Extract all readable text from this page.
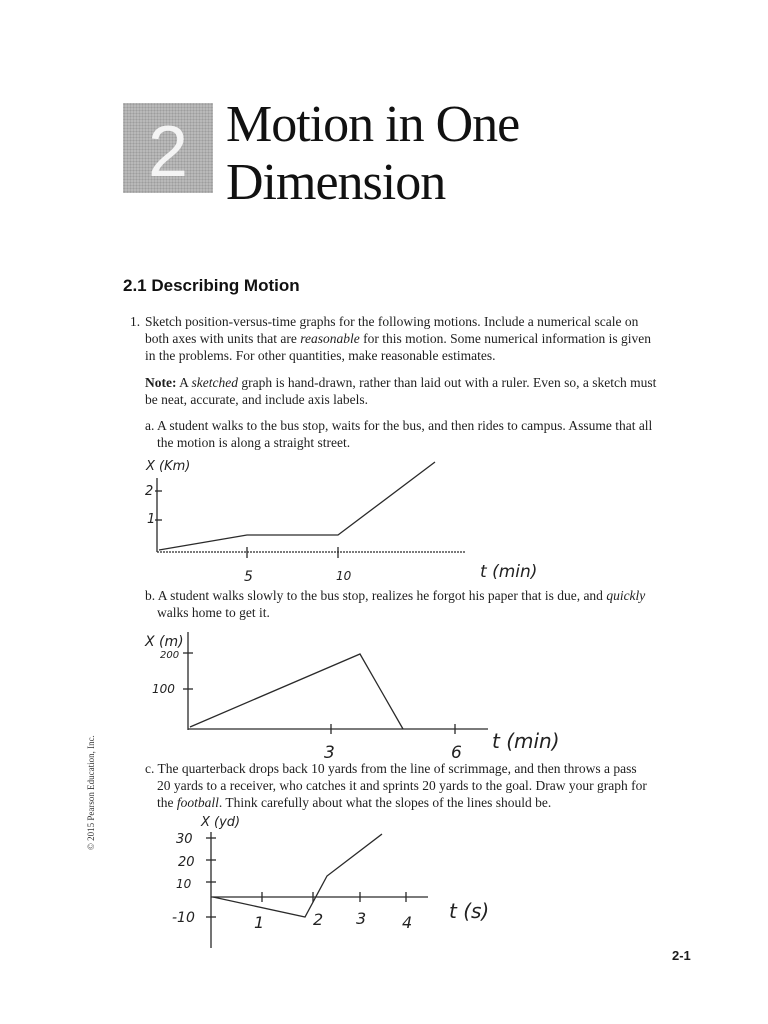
2 Motion in One
Dimension
2.1 Describing Motion
1. Sketch position-versus-time graphs for the following motions. Include a numerical scale on
both axes with units that are reasonable for this motion. Some numerical information is given
in the problems. For other quantities, make reasonable estimates.
Note: A sketched graph is hand-drawn, rather than laid out with a ruler. Even so, a sketch must
be neat, accurate, and include axis labels.
a. A student walks to the bus stop, waits for the bus, and then rides to campus. Assume that all
the motion is along a straight street.
X (Km)
2
1
5	10	t (min)
b. A student walks slowly to the bus stop, realizes he forgot his paper that is due, and quickly
walks home to get it.
X (m)
200
100
3	6 t (min)
c. The quarterback drops back 10 yards from the line of scrimmage, and then throws a pass
20 yards to a receiver, who catches it and sprints 20 yards to the goal. Draw your graph for
the football. Think carefully about what the slopes of the lines should be.
X (yd)
30
20
10
-10	1	2 3 4 t (s)
© 2015 Pearson Education, Inc.
2-1
